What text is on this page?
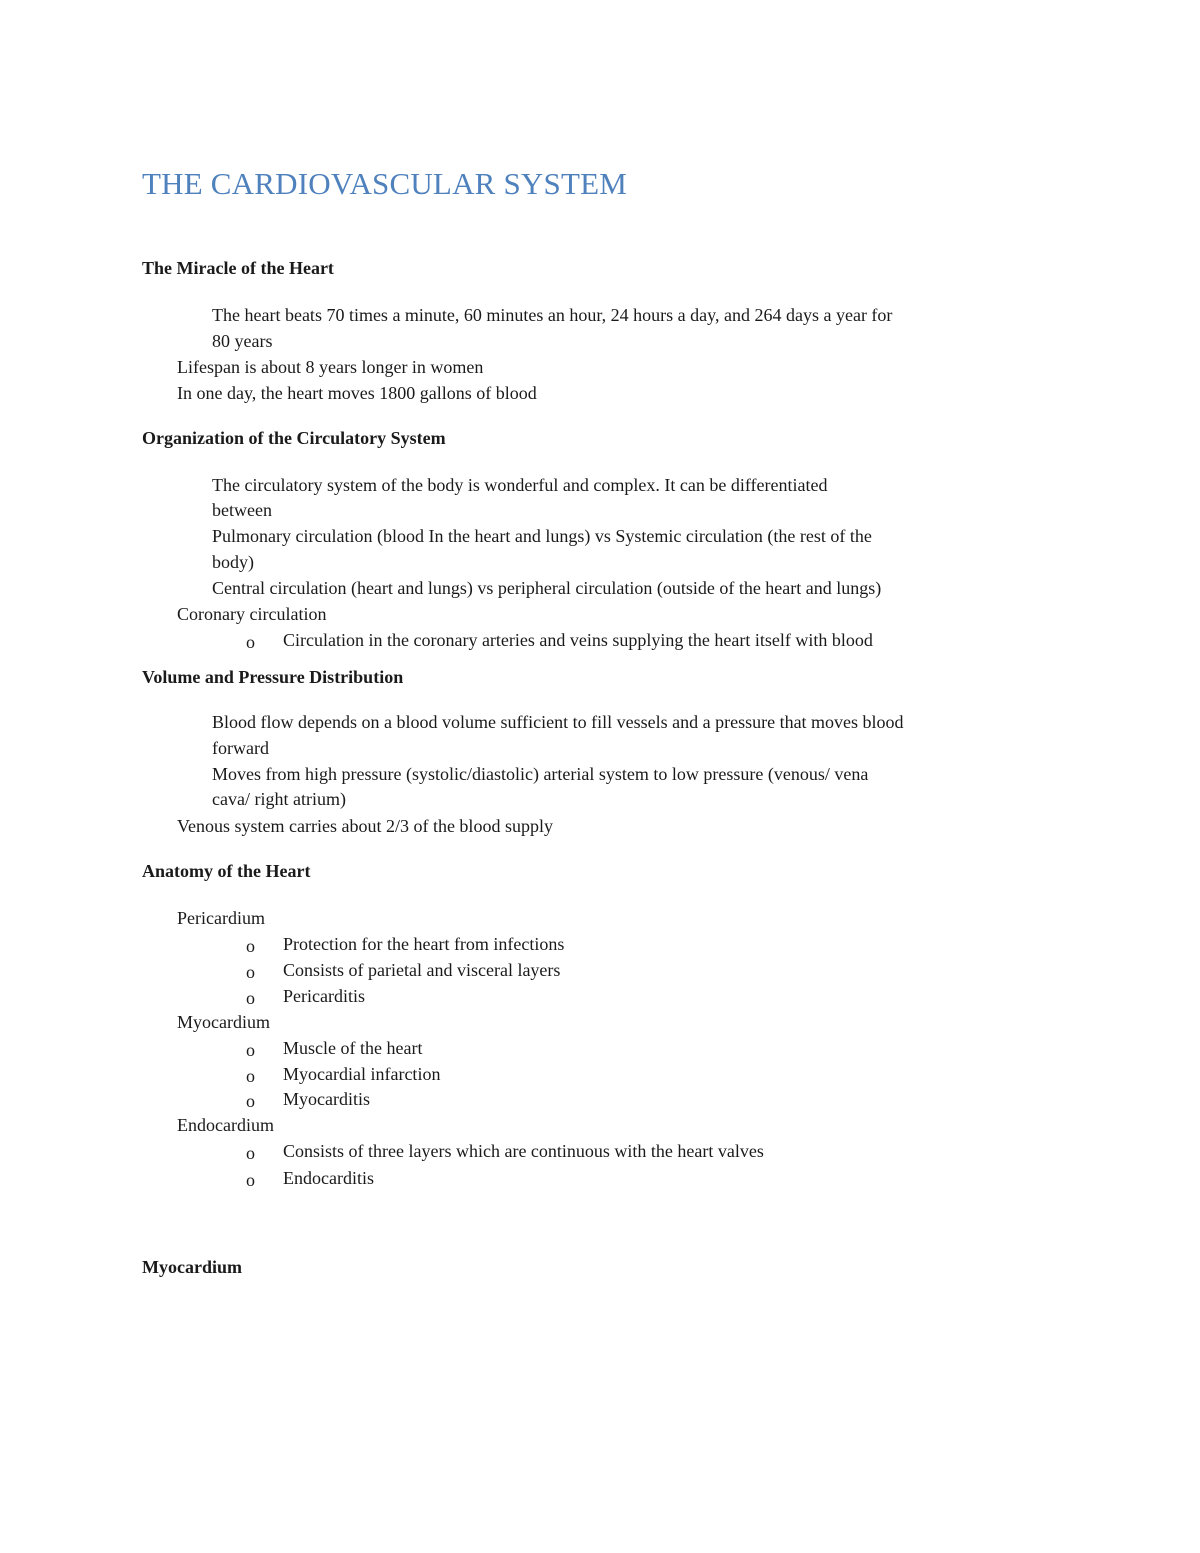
THE CARDIOVASCULAR SYSTEM
The Miracle of the Heart

The heart beats 70 times a minute, 60 minutes an hour, 24 hours a day, and 264 days a year for

80 years

Lifespan is about 8 years longer in women

In one day, the heart moves 1800 gallons of blood

Organization of the Circulatory System

The circulatory system of the body is wonderful and complex. It can be differentiated

between

Pulmonary circulation (blood In the heart and lungs) vs Systemic circulation (the rest of the

body)

Central circulation (heart and lungs) vs peripheral circulation (outside of the heart and lungs)

Coronary circulation

o Circulation in the coronary arteries and veins supplying the heart itself with blood

Volume and Pressure Distribution

Blood flow depends on a blood volume sufficient to fill vessels and a pressure that moves blood

forward

Moves from high pressure (systolic/diastolic) arterial system to low pressure (venous/ vena

cava/ right atrium)

Venous system carries about 2/3 of the blood supply

Anatomy of the Heart

Pericardium

o Protection for the heart from infections

o Consists of parietal and visceral layers

o Pericarditis

Myocardium

o Muscle of the heart

o Myocardial infarction

o Myocarditis

Endocardium

o Consists of three layers which are continuous with the heart valves

o Endocarditis

Myocardium
